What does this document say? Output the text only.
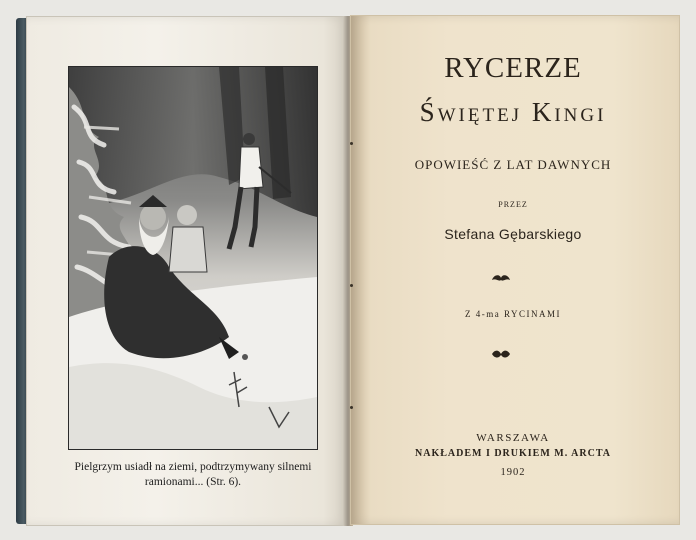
Pielgrzym usiadł na ziemi, podtrzymywany silnemi
ramionami... (Str. 6).
RYCERZE
Świętej Kingi
OPOWIEŚĆ Z LAT DAWNYCH
PRZEZ
Stefana Gębarskiego
Z 4-ma RYCINAMI
WARSZAWA
NAKŁADEM I DRUKIEM M. ARCTA
1902
